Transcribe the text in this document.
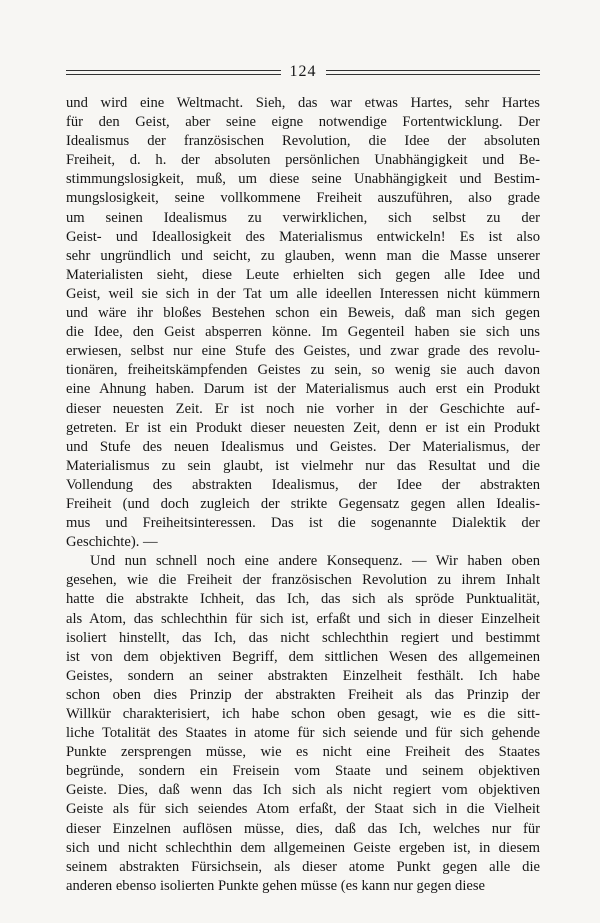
124
und wird eine Weltmacht. Sieh, das war etwas Hartes, sehr Hartes
für den Geist, aber seine eigne notwendige Fortentwicklung. Der
Idealismus der französischen Revolution, die Idee der absoluten
Freiheit, d. h. der absoluten persönlichen Unabhängigkeit und Be-
stimmungslosigkeit, muß, um diese seine Unabhängigkeit und Bestim-
mungslosigkeit, seine vollkommene Freiheit auszuführen, also grade
um seinen Idealismus zu verwirklichen, sich selbst zu der
Geist- und Ideallosigkeit des Materialismus entwickeln! Es ist also
sehr ungründlich und seicht, zu glauben, wenn man die Masse unserer
Materialisten sieht, diese Leute erhielten sich gegen alle Idee und
Geist, weil sie sich in der Tat um alle ideellen Interessen nicht kümmern
und wäre ihr bloßes Bestehen schon ein Beweis, daß man sich gegen
die Idee, den Geist absperren könne. Im Gegenteil haben sie sich uns
erwiesen, selbst nur eine Stufe des Geistes, und zwar grade des revolu-
tionären, freiheitskämpfenden Geistes zu sein, so wenig sie auch davon
eine Ahnung haben. Darum ist der Materialismus auch erst ein Produkt
dieser neuesten Zeit. Er ist noch nie vorher in der Geschichte auf-
getreten. Er ist ein Produkt dieser neuesten Zeit, denn er ist ein Produkt
und Stufe des neuen Idealismus und Geistes. Der Materialismus, der
Materialismus zu sein glaubt, ist vielmehr nur das Resultat und die
Vollendung des abstrakten Idealismus, der Idee der abstrakten
Freiheit (und doch zugleich der strikte Gegensatz gegen allen Idealis-
mus und Freiheitsinteressen. Das ist die sogenannte Dialektik der
Geschichte). —
Und nun schnell noch eine andere Konsequenz. — Wir haben oben
gesehen, wie die Freiheit der französischen Revolution zu ihrem Inhalt
hatte die abstrakte Ichheit, das Ich, das sich als spröde Punktualität,
als Atom, das schlechthin für sich ist, erfaßt und sich in dieser Einzelheit
isoliert hinstellt, das Ich, das nicht schlechthin regiert und bestimmt
ist von dem objektiven Begriff, dem sittlichen Wesen des allgemeinen
Geistes, sondern an seiner abstrakten Einzelheit festhält. Ich habe
schon oben dies Prinzip der abstrakten Freiheit als das Prinzip der
Willkür charakterisiert, ich habe schon oben gesagt, wie es die sitt-
liche Totalität des Staates in atome für sich seiende und für sich gehende
Punkte zersprengen müsse, wie es nicht eine Freiheit des Staates
begründe, sondern ein Freisein vom Staate und seinem objektiven
Geiste. Dies, daß wenn das Ich sich als nicht regiert vom objektiven
Geiste als für sich seiendes Atom erfaßt, der Staat sich in die Vielheit
dieser Einzelnen auflösen müsse, dies, daß das Ich, welches nur für
sich und nicht schlechthin dem allgemeinen Geiste ergeben ist, in diesem
seinem abstrakten Fürsichsein, als dieser atome Punkt gegen alle die
anderen ebenso isolierten Punkte gehen müsse (es kann nur gegen diese
